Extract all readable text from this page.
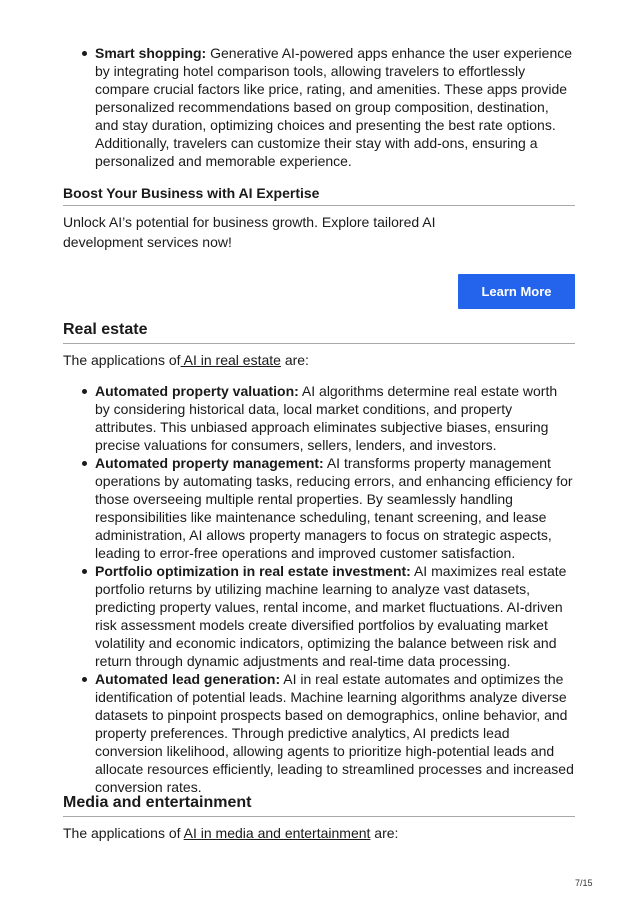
Smart shopping: Generative AI-powered apps enhance the user experience by integrating hotel comparison tools, allowing travelers to effortlessly compare crucial factors like price, rating, and amenities. These apps provide personalized recommendations based on group composition, destination, and stay duration, optimizing choices and presenting the best rate options. Additionally, travelers can customize their stay with add-ons, ensuring a personalized and memorable experience.
Boost Your Business with AI Expertise
Unlock AI’s potential for business growth. Explore tailored AI development services now!
Learn More
Real estate
The applications of AI in real estate are:
Automated property valuation: AI algorithms determine real estate worth by considering historical data, local market conditions, and property attributes. This unbiased approach eliminates subjective biases, ensuring precise valuations for consumers, sellers, lenders, and investors.
Automated property management: AI transforms property management operations by automating tasks, reducing errors, and enhancing efficiency for those overseeing multiple rental properties. By seamlessly handling responsibilities like maintenance scheduling, tenant screening, and lease administration, AI allows property managers to focus on strategic aspects, leading to error-free operations and improved customer satisfaction.
Portfolio optimization in real estate investment: AI maximizes real estate portfolio returns by utilizing machine learning to analyze vast datasets, predicting property values, rental income, and market fluctuations. AI-driven risk assessment models create diversified portfolios by evaluating market volatility and economic indicators, optimizing the balance between risk and return through dynamic adjustments and real-time data processing.
Automated lead generation: AI in real estate automates and optimizes the identification of potential leads. Machine learning algorithms analyze diverse datasets to pinpoint prospects based on demographics, online behavior, and property preferences. Through predictive analytics, AI predicts lead conversion likelihood, allowing agents to prioritize high-potential leads and allocate resources efficiently, leading to streamlined processes and increased conversion rates.
Media and entertainment
The applications of AI in media and entertainment are:
7/15
